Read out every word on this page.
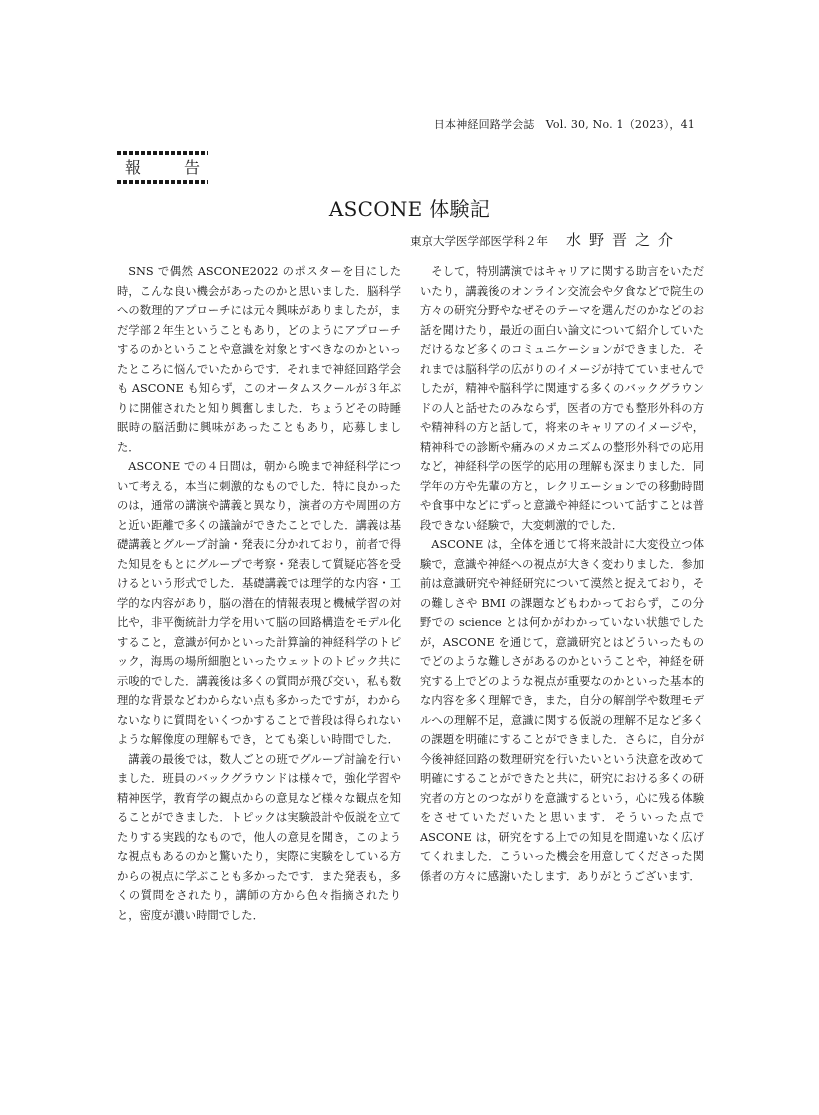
日本神経回路学会誌　Vol. 30, No. 1（2023），41
報	告
ASCONE 体験記
東京大学医学部医学科２年 水野晋之介

SNS で偶然 ASCONE2022 のポスターを目にした時，こんな良い機会があったのかと思いました．脳科学への数理的アプローチには元々興味がありましたが，まだ学部２年生ということもあり，どのようにアプローチするのかということや意識を対象とすべきなのかといったところに悩んでいたからです．それまで神経回路学会も ASCONE も知らず，このオータムスクールが３年ぶりに開催されたと知り興奮しました．ちょうどその時睡眠時の脳活動に興味があったこともあり，応募しました．

ASCONE での４日間は，朝から晩まで神経科学について考える，本当に刺激的なものでした．特に良かったのは，通常の講演や講義と異なり，演者の方や周囲の方と近い距離で多くの議論ができたことでした．講義は基礎講義とグループ討論・発表に分かれており，前者で得た知見をもとにグループで考察・発表して質疑応答を受けるという形式でした．基礎講義では理学的な内容・工学的な内容があり，脳の潜在的情報表現と機械学習の対比や，非平衡統計力学を用いて脳の回路構造をモデル化すること，意識が何かといった計算論的神経科学のトピック，海馬の場所細胞といったウェットのトピック共に示唆的でした．講義後は多くの質問が飛び交い，私も数理的な背景などわからない点も多かったですが，わからないなりに質問をいくつかすることで普段は得られないような解像度の理解もでき，とても楽しい時間でした．

講義の最後では，数人ごとの班でグループ討論を行いました．班員のバックグラウンドは様々で，強化学習や精神医学，教育学の観点からの意見など様々な観点を知ることができました．トピックは実験設計や仮説を立てたりする実践的なもので，他人の意見を聞き，このような視点もあるのかと驚いたり，実際に実験をしている方からの視点に学ぶことも多かったです．また発表も，多くの質問をされたり，講師の方から色々指摘されたりと，密度が濃い時間でした．

そして，特別講演ではキャリアに関する助言をいただいたり，講義後のオンライン交流会や夕食などで院生の方々の研究分野やなぜそのテーマを選んだのかなどのお話を聞けたり，最近の面白い論文について紹介していただけるなど多くのコミュニケーションができました．それまでは脳科学の広がりのイメージが持てていませんでしたが，精神や脳科学に関連する多くのバックグラウンドの人と話せたのみならず，医者の方でも整形外科の方や精神科の方と話して，将来のキャリアのイメージや，精神科での診断や痛みのメカニズムの整形外科での応用など，神経科学の医学的応用の理解も深まりました．同学年の方や先輩の方と，レクリエーションでの移動時間や食事中などにずっと意識や神経について話すことは普段できない経験で，大変刺激的でした．

ASCONE は，全体を通じて将来設計に大変役立つ体験で，意識や神経への視点が大きく変わりました．参加前は意識研究や神経研究について漠然と捉えており，その難しさや BMI の課題などもわかっておらず，この分野での science とは何かがわかっていない状態でしたが，ASCONE を通じて，意識研究とはどういったものでどのような難しさがあるのかということや，神経を研究する上でどのような視点が重要なのかといった基本的な内容を多く理解でき，また，自分の解剖学や数理モデルへの理解不足，意識に関する仮説の理解不足など多くの課題を明確にすることができました．さらに，自分が今後神経回路の数理研究を行いたいという決意を改めて明確にすることができたと共に，研究における多くの研究者の方とのつながりを意識するという，心に残る体験をさせていただいたと思います．そういった点で ASCONE は，研究をする上での知見を間違いなく広げてくれました．こういった機会を用意してくださった関係者の方々に感謝いたします．ありがとうございます．
